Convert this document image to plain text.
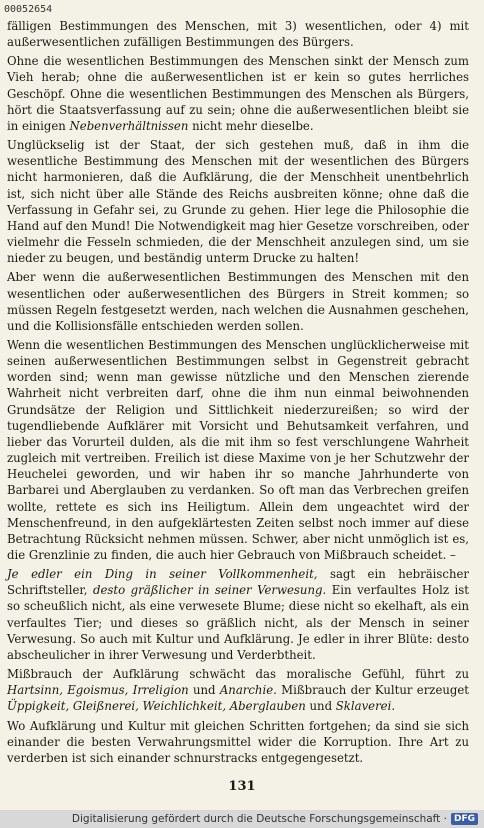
00052654

fälligen Bestimmungen des Menschen, mit 3) wesentlichen, oder 4) mit außerwesentlichen zufälligen Bestimmungen des Bürgers.

Ohne die wesentlichen Bestimmungen des Menschen sinkt der Mensch zum Vieh herab; ohne die außerwesentlichen ist er kein so gutes herrliches Geschöpf. Ohne die wesentlichen Bestimmungen des Menschen als Bürgers, hört die Staatsverfassung auf zu sein; ohne die außerwesentlichen bleibt sie in einigen Nebenverhältnissen nicht mehr dieselbe.

Unglückselig ist der Staat, der sich gestehen muß, daß in ihm die wesentliche Bestimmung des Menschen mit der wesentlichen des Bürgers nicht harmonieren, daß die Aufklärung, die der Menschheit unentbehrlich ist, sich nicht über alle Stände des Reichs ausbreiten könne; ohne daß die Verfassung in Gefahr sei, zu Grunde zu gehen. Hier lege die Philosophie die Hand auf den Mund! Die Notwendigkeit mag hier Gesetze vorschreiben, oder vielmehr die Fesseln schmieden, die der Menschheit anzulegen sind, um sie nieder zu beugen, und beständig unterm Drucke zu halten!

Aber wenn die außerwesentlichen Bestimmungen des Menschen mit den wesentlichen oder außerwesentlichen des Bürgers in Streit kommen; so müssen Regeln festgesetzt werden, nach welchen die Ausnahmen geschehen, und die Kollisionsfälle entschieden werden sollen.

Wenn die wesentlichen Bestimmungen des Menschen unglücklicherweise mit seinen außerwesentlichen Bestimmungen selbst in Gegenstreit gebracht worden sind; wenn man gewisse nützliche und den Menschen zierende Wahrheit nicht verbreiten darf, ohne die ihm nun einmal beiwohnenden Grundsätze der Religion und Sittlichkeit niederzureißen; so wird der tugendliebende Aufklärer mit Vorsicht und Behutsamkeit verfahren, und lieber das Vorurteil dulden, als die mit ihm so fest verschlungene Wahrheit zugleich mit vertreiben. Freilich ist diese Maxime von je her Schutzwehr der Heuchelei geworden, und wir haben ihr so manche Jahrhunderte von Barbarei und Aberglauben zu verdanken. So oft man das Verbrechen greifen wollte, rettete es sich ins Heiligtum. Allein dem ungeachtet wird der Menschenfreund, in den aufgeklärtesten Zeiten selbst noch immer auf diese Betrachtung Rücksicht nehmen müssen. Schwer, aber nicht unmöglich ist es, die Grenzlinie zu finden, die auch hier Gebrauch von Mißbrauch scheidet. –

Je edler ein Ding in seiner Vollkommenheit, sagt ein hebräischer Schriftsteller, desto gräßlicher in seiner Verwesung. Ein verfaultes Holz ist so scheußlich nicht, als eine verwesete Blume; diese nicht so ekelhaft, als ein verfaultes Tier; und dieses so gräßlich nicht, als der Mensch in seiner Verwesung. So auch mit Kultur und Aufklärung. Je edler in ihrer Blüte: desto abscheulicher in ihrer Verwesung und Verderbtheit.

Mißbrauch der Aufklärung schwächt das moralische Gefühl, führt zu Hartsinn, Egoismus, Irreligion und Anarchie. Mißbrauch der Kultur erzeuget Üppigkeit, Gleißnerei, Weichlichkeit, Aberglauben und Sklaverei.

Wo Aufklärung und Kultur mit gleichen Schritten fortgehen; da sind sie sich einander die besten Verwahrungsmittel wider die Korruption. Ihre Art zu verderben ist sich einander schnurstracks entgegengesetzt.

131
Digitalisierung gefördert durch die Deutsche Forschungsgemeinschaft · DFG
